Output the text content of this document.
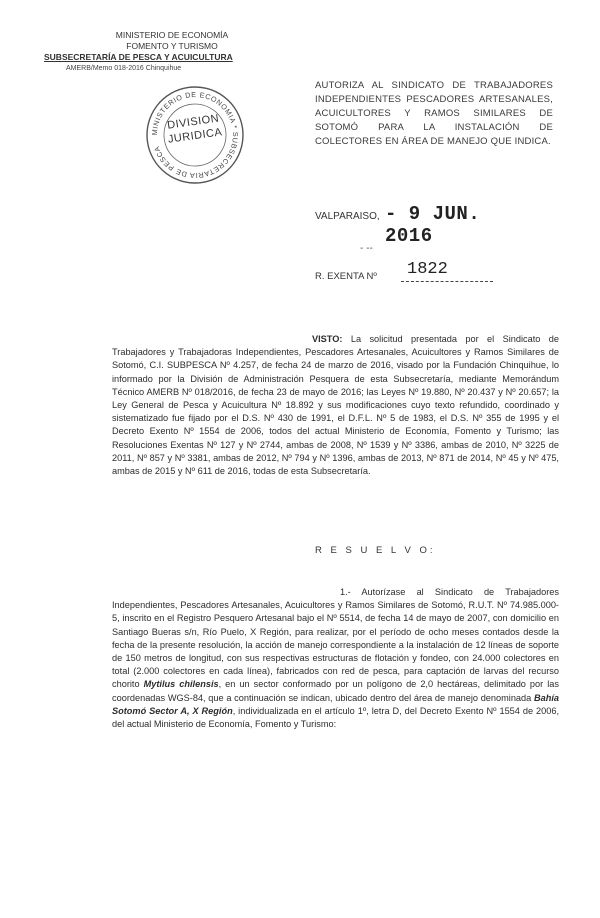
MINISTERIO DE ECONOMÍA
FOMENTO Y TURISMO
SUBSECRETARÍA DE PESCA Y ACUICULTURA
AMERB/Memo 018-2016 Chinquihue
MINISTERIO DE ECONOMIA * SUBSECRETARIA DE PESCA
DIVISION
JURIDICA
AUTORIZA AL SINDICATO DE TRABAJADORES INDEPENDIENTES PESCADORES ARTESANALES, ACUICULTORES Y RAMOS SIMILARES DE SOTOMÓ PARA LA INSTALACIÓN DE COLECTORES EN ÁREA DE MANEJO QUE INDICA.
VALPARAISO, - 9 JUN. 2016
- --
R. EXENTA Nº 1822
VISTO: La solicitud presentada por el Sindicato de Trabajadores y Trabajadoras Independientes, Pescadores Artesanales, Acuicultores y Ramos Similares de Sotomó, C.I. SUBPESCA Nº 4.257, de fecha 24 de marzo de 2016, visado por la Fundación Chinquihue, lo informado por la División de Administración Pesquera de esta Subsecretaría, mediante Memorándum Técnico AMERB Nº 018/2016, de fecha 23 de mayo de 2016; las Leyes Nº 19.880, Nº 20.437 y Nº 20.657; la Ley General de Pesca y Acuicultura Nº 18.892 y sus modificaciones cuyo texto refundido, coordinado y sistematizado fue fijado por el D.S. Nº 430 de 1991, el D.F.L. Nº 5 de 1983, el D.S. Nº 355 de 1995 y el Decreto Exento Nº 1554 de 2006, todos del actual Ministerio de Economía, Fomento y Turismo; las Resoluciones Exentas Nº 127 y Nº 2744, ambas de 2008, Nº 1539 y Nº 3386, ambas de 2010, Nº 3225 de 2011, Nº 857 y Nº 3381, ambas de 2012, Nº 794 y Nº 1396, ambas de 2013, Nº 871 de 2014, Nº 45 y Nº 475, ambas de 2015 y Nº 611 de 2016, todas de esta Subsecretaría.
R E S U E L V O:
1.- Autorízase al Sindicato de Trabajadores Independientes, Pescadores Artesanales, Acuicultores y Ramos Similares de Sotomó, R.U.T. Nº 74.985.000-5, inscrito en el Registro Pesquero Artesanal bajo el Nº 5514, de fecha 14 de mayo de 2007, con domicilio en Santiago Bueras s/n, Río Puelo, X Región, para realizar, por el período de ocho meses contados desde la fecha de la presente resolución, la acción de manejo correspondiente a la instalación de 12 líneas de soporte de 150 metros de longitud, con sus respectivas estructuras de flotación y fondeo, con 24.000 colectores en total (2.000 colectores en cada línea), fabricados con red de pesca, para captación de larvas del recurso chorito Mytilus chilensis, en un sector conformado por un polígono de 2,0 hectáreas, delimitado por las coordenadas WGS-84, que a continuación se indican, ubicado dentro del área de manejo denominada Bahía Sotomó Sector A, X Región, individualizada en el artículo 1º, letra D, del Decreto Exento Nº 1554 de 2006, del actual Ministerio de Economía, Fomento y Turismo:
